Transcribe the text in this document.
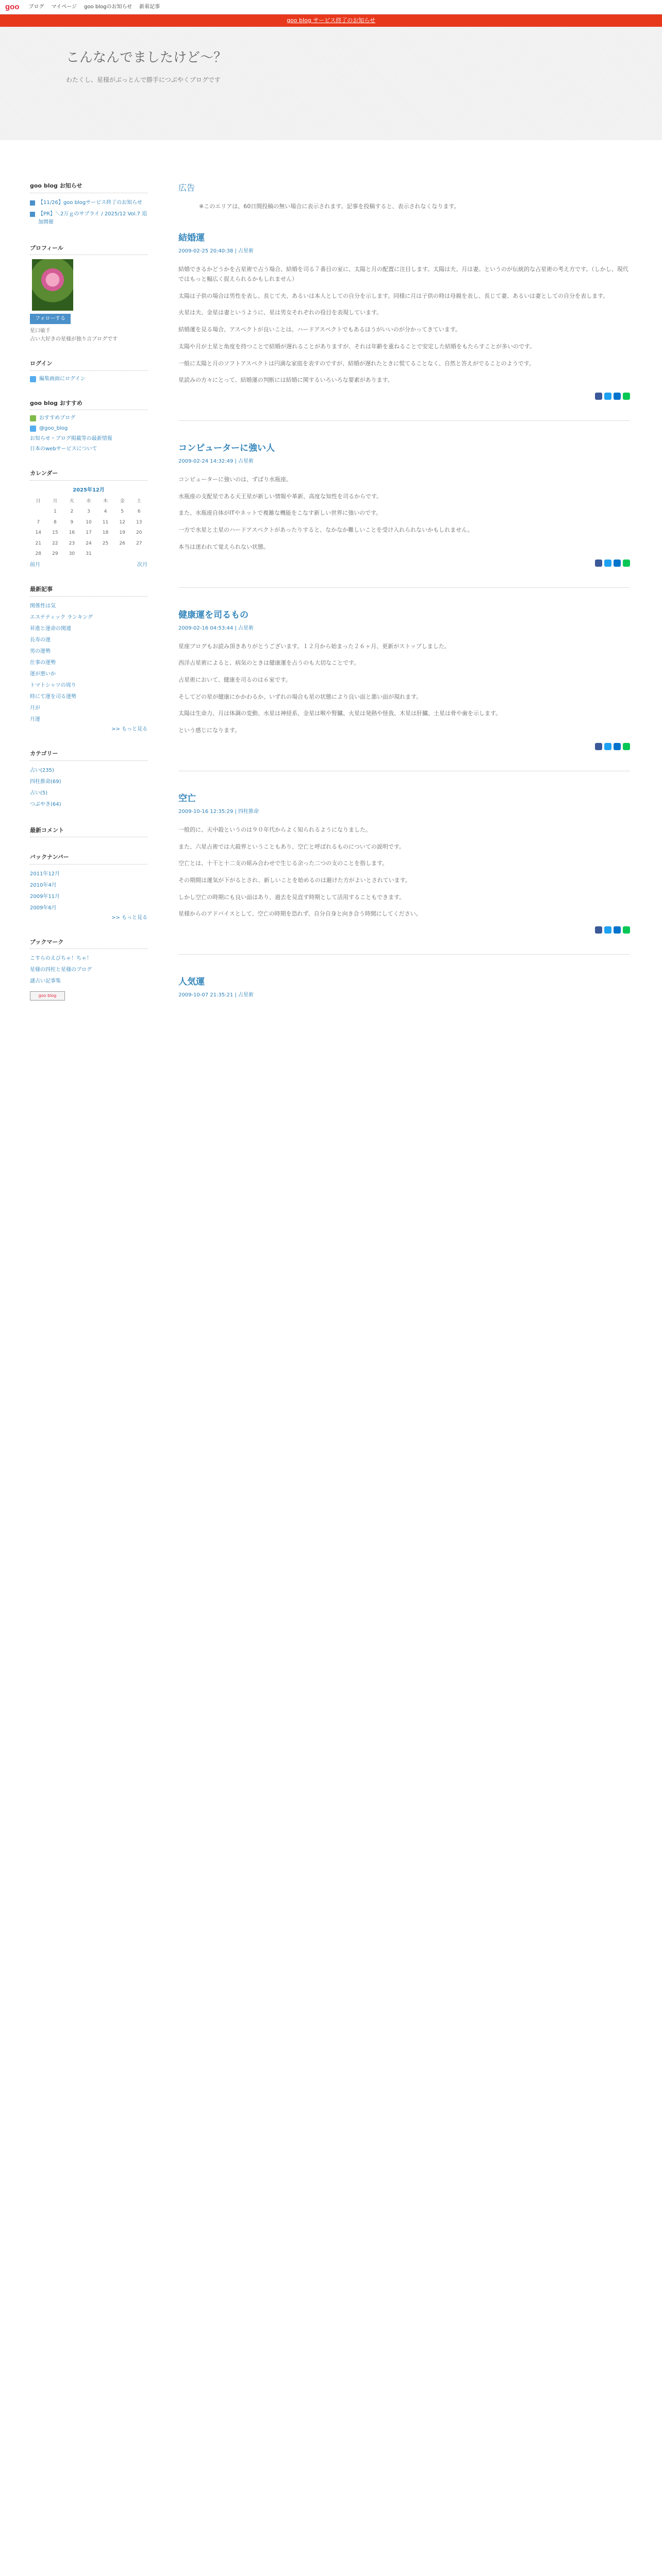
goo ブログ マイページ goo blogのお知らせ 新着記事
goo blog サービス終了のお知らせ
こんなんでましたけど〜？
わたくし、星様がぶっとんで勝手につぶやくブログです
goo blog お知らせ
【11/26】goo blogサービス終了のお知らせ
【PR】＼2万ｇのサプライ / 2025/12 Vol.7 追加開催
プロフィール
フォローする
星口敏千
占い大好きの星様が独り言ブログです
ログイン
編集画面にログイン
goo blog おすすめ
おすすめブログ
@goo_blog
お知らせ・ブログ掲載等の最新情報
日本のwebサービスについて
カレンダー
2025年12月						
日	月	火	水	木	金	土
	1	2	3	4	5	6
7	8	9	10	11	12	13
14	15	16	17	18	19	20
21	22	23	24	25	26	27
28	29	30	31			
前月	次月
最新記事
関係性は気
エステティック ランキング
昇進と運命の関連
長寿の運
男の運勢
仕事の運勢
運が悪いか
トマトシャツの周り
時にて運を司る運勢
月が
月運
>> もっと見る
カテゴリー
占い(235)
四柱推命(69)
占い(5)
つぶやき(64)
最新コメント
バックナンバー
2011年12月
2010年4月
2009年11月
2009年6月
>> もっと見る
ブックマーク
こすらのえびちゃ！ちゃ！
星様の四柱と星様のブログ
謎占い記事集
goo blog
広告
※このエリアは、60日間投稿の無い場合に表示されます。記事を投稿すると、表示されなくなります。
結婚運
2009-02-25 20:40:38 | 占星術

結婚できるかどうかを占星術で占う場合、結婚を司る７番目の室に、太陽と月の配置に注目します。太陽は夫、月は妻。というのが伝統的な占星術の考え方です。（しかし、現代ではもっと幅広く捉えられるかもしれません）

太陽は子供の場合は男性を表し、長じて夫、あるいは本人としての自分を示します。同様に月は子供の時は母親を表し、長じて妻、あるいは妻としての自分を表します。

火星は夫、金星は妻というように、星は男女それぞれの役目を表現しています。

結婚運を見る場合、アスペクトが良いことは、ハードアスペクトでもあるほうがいいのが分かってきています。

太陽や月が土星と角度を持つことで結婚が遅れることがありますが、それは年齢を重ねることで安定した結婚をもたらすことが多いのです。

一般に太陽と月のソフトアスペクトは円満な家庭を表すのですが、結婚が遅れたときに慌てることなく、自然と答えがでることのようです。

星読みの方々にとって、結婚運の判断には結婚に関するいろいろな要素があります。

コンピューターに強い人
2009-02-24 14:32:49 | 占星術

コンピューターに強いのは、ずばり水瓶座。

水瓶座の支配星である天王星が新しい情報や革新、高度な知性を司るからです。

また、水瓶座自体がITやネットで複雑な機能をこなす新しい世界に強いのです。

一方で水星と土星のハードアスペクトがあったりすると、なかなか難しいことを受け入れられないかもしれません。

本当は迷われて覚えられない状態。

健康運を司るもの
2009-02-16 04:53:44 | 占星術

星座ブログもお読み頂きありがとうございます。１２月から始まった２６ヶ月、更新がストップしました。

西洋占星術によると、病気のときは健康運を占うのも大切なことです。

占星術において、健康を司るのは６室です。

そしてどの星が健康にかかわるか、いずれの場合も星の状態により良い面と悪い面が現れます。

太陽は生命力、月は体調の変動、水星は神経系、金星は喉や腎臓、火星は発熱や怪我、木星は肝臓、土星は骨や歯を示します。

という感じになります。

空亡
2009-10-16 12:35:29 | 四柱推命

一般的に、天中殺というのは９０年代からよく知られるようになりました。

また、六星占術では大殺界ということもあり、空亡と呼ばれるものについての説明です。

空亡とは、十干と十二支の組み合わせで生じる余った二つの支のことを指します。

その期間は運気が下がるとされ、新しいことを始めるのは避けた方がよいとされています。

しかし空亡の時期にも良い面はあり、過去を見直す時期として活用することもできます。

星様からのアドバイスとして、空亡の時期を恐れず、自分自身と向き合う時間にしてください。

人気運
2009-10-07 21:35:21 | 占星術
